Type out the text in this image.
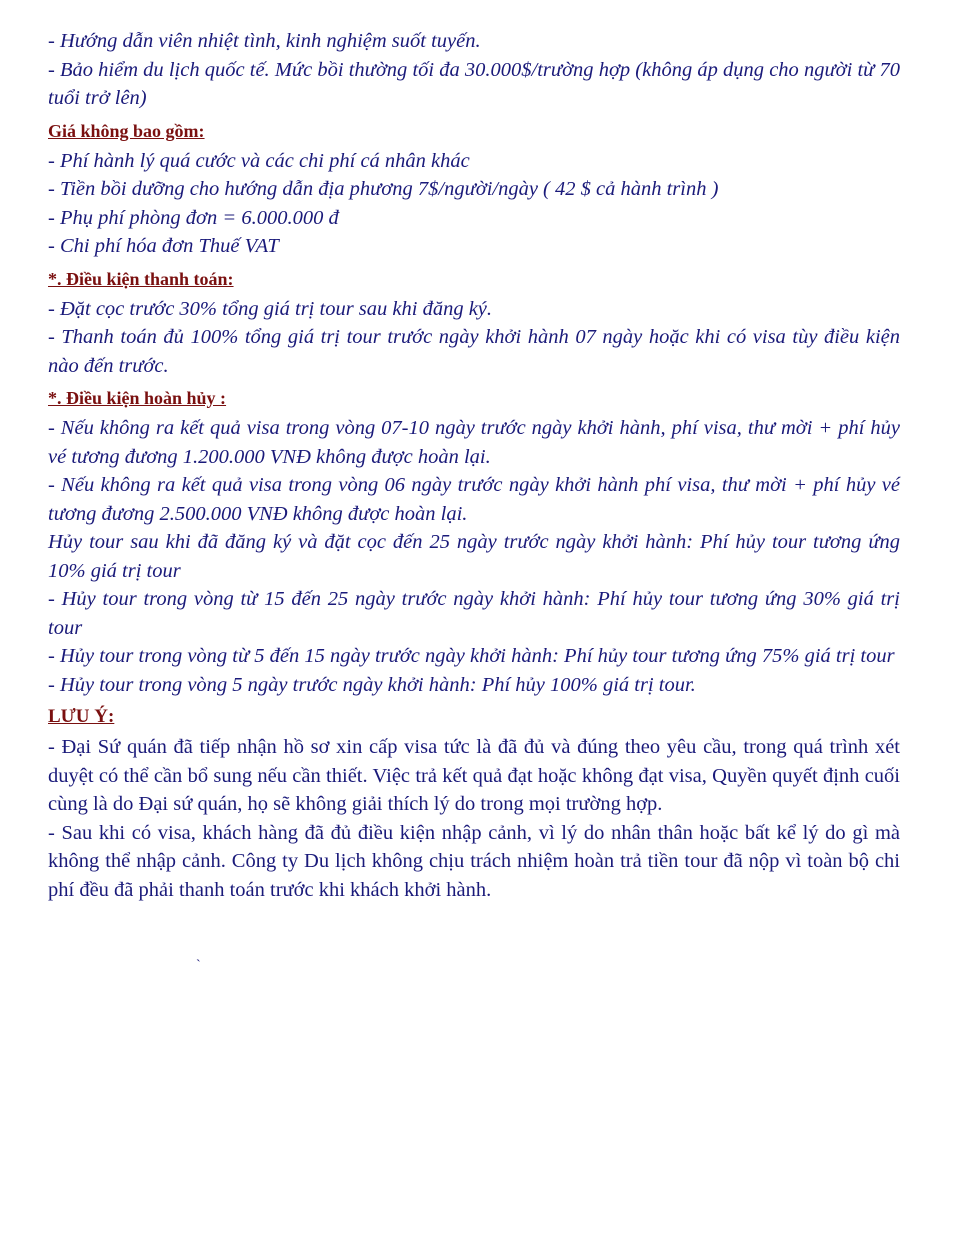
- Hướng dẫn viên nhiệt tình, kinh nghiệm suốt tuyến.

- Bảo hiểm du lịch quốc tế. Mức bồi thường tối đa 30.000$/trường hợp (không áp dụng cho người từ 70 tuổi trở lên)

Giá không bao gồm:

- Phí hành lý quá cước và các chi phí cá nhân khác

- Tiền bồi dưỡng cho hướng dẫn địa phương 7$/người/ngày ( 42 $ cả hành trình )

- Phụ phí phòng đơn = 6.000.000 đ

- Chi phí hóa đơn Thuế VAT

*. Điều kiện thanh toán:

- Đặt cọc trước 30% tổng giá trị tour sau khi đăng ký.

- Thanh toán đủ 100% tổng giá trị tour trước ngày khởi hành 07 ngày hoặc khi có visa tùy điều kiện nào đến trước.

*. Điều kiện hoàn hủy :

- Nếu không ra kết quả visa trong vòng 07-10 ngày trước ngày khởi hành, phí visa, thư mời + phí hủy vé tương đương 1.200.000 VNĐ không được hoàn lại.

- Nếu không ra kết quả visa trong vòng 06 ngày trước ngày khởi hành phí visa, thư mời + phí hủy vé tương đương 2.500.000 VNĐ không được hoàn lại.

Hủy tour sau khi đã đăng ký và đặt cọc đến 25 ngày trước ngày khởi hành: Phí hủy tour tương ứng 10% giá trị tour

- Hủy tour trong vòng từ 15 đến 25 ngày trước ngày khởi hành: Phí hủy tour tương ứng 30% giá trị tour

- Hủy tour trong vòng từ 5 đến 15 ngày trước ngày khởi hành: Phí hủy tour tương ứng 75% giá trị tour

- Hủy tour trong vòng 5 ngày trước ngày khởi hành: Phí hủy 100% giá trị tour.

LƯU Ý:

- Đại Sứ quán đã tiếp nhận hồ sơ xin cấp visa tức là đã đủ và đúng theo yêu cầu, trong quá trình xét duyệt có thể cần bổ sung nếu cần thiết. Việc trả kết quả đạt hoặc không đạt visa, Quyền quyết định cuối cùng là do Đại sứ quán, họ sẽ không giải thích lý do trong mọi trường hợp.

- Sau khi có visa, khách hàng đã đủ điều kiện nhập cảnh, vì lý do nhân thân hoặc bất kể lý do gì mà không thể nhập cảnh. Công ty Du lịch không chịu trách nhiệm hoàn trả tiền tour đã nộp vì toàn bộ chi phí đều đã phải thanh toán trước khi khách khởi hành.

`
